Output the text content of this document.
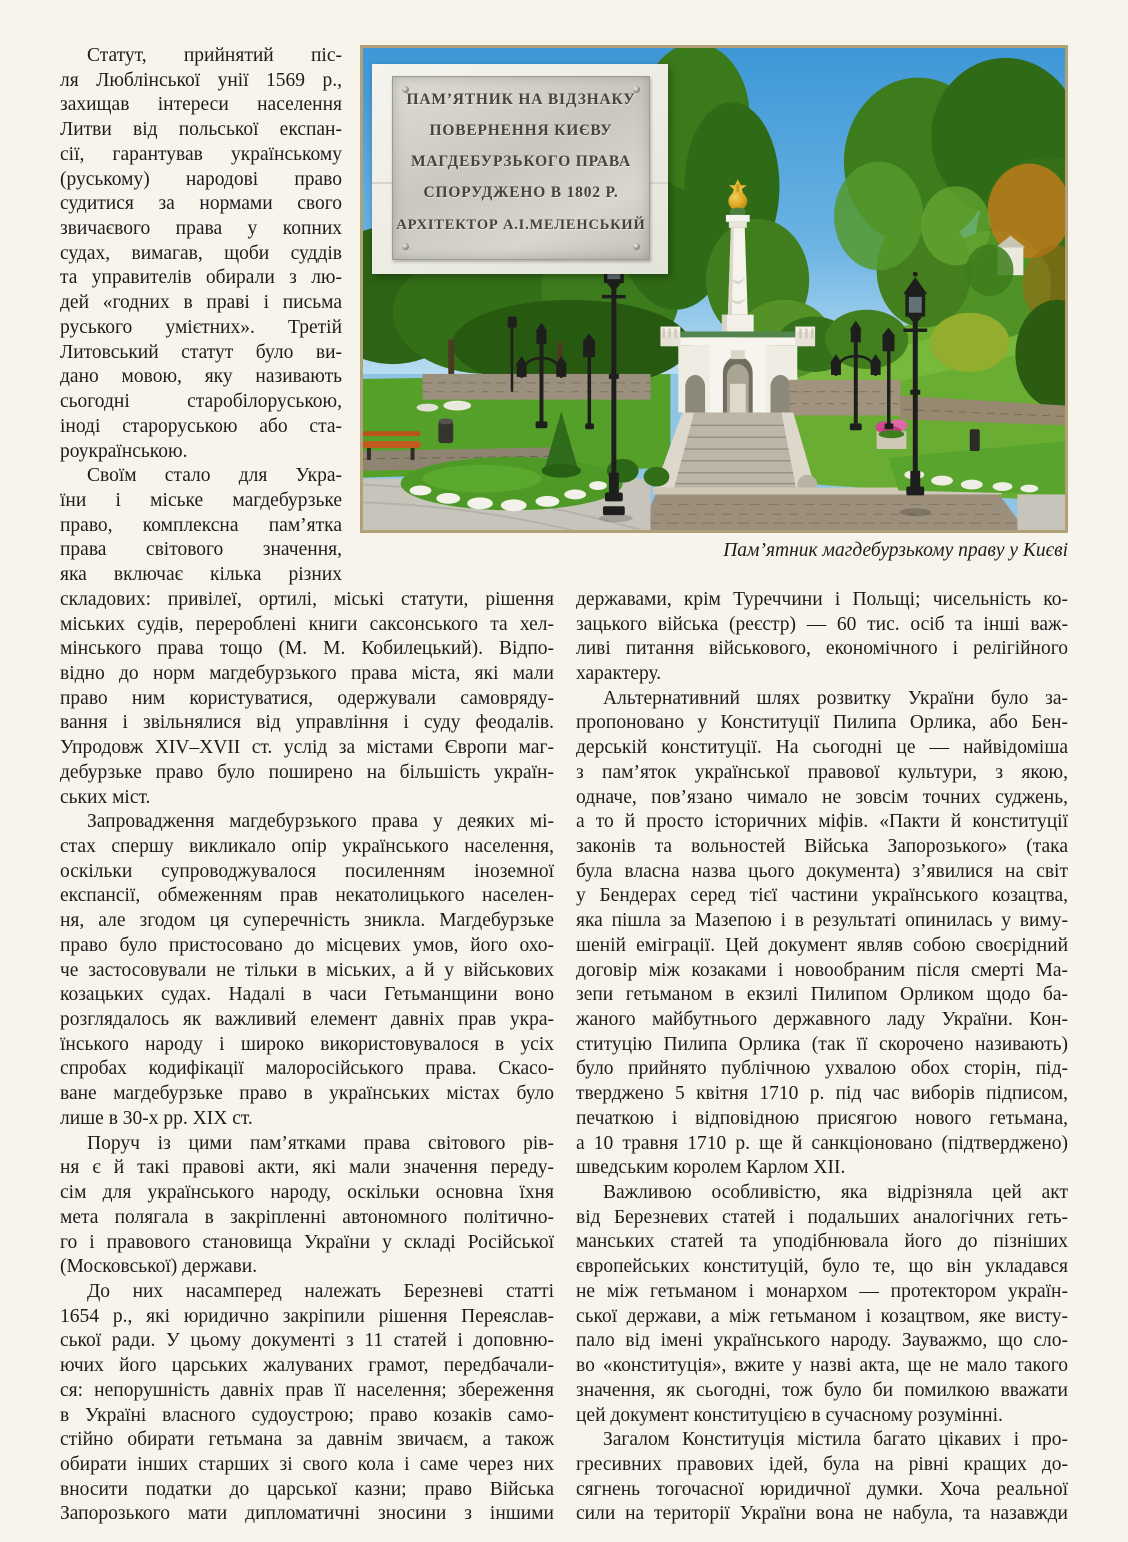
Статут, прийнятий піс-
ля Люблінської унії 1569 р.,
захищав інтереси населення
Литви від польської експан-
сії, гарантував українському
(руському) народові право
судитися за нормами свого
звичаєвого права у копних
судах, вимагав, щоби суддів
та управителів обирали з лю-
дей «годних в праві і письма
руського умієтних». Третій
Литовський статут було ви-
дано мовою, яку називають
сьогодні старобілоруською,
іноді староруською або ста-
роукраїнською.
Своїм стало для Укра-
їни і міське магдебурзьке
право, комплексна пам’ятка
права світового значення,
яка включає кілька різних
складових: привілеї, ортилі, міські статути, рішення
міських судів, перероблені книги саксонського та хел-
мінського права тощо (М. М. Кобилецький). Відпо-
відно до норм магдебурзького права міста, які мали
право ним користуватися, одержували самовряду-
вання і звільнялися від управління і суду феодалів.
Упродовж XIV–XVII ст. услід за містами Європи маг-
дебурзьке право було поширено на більшість україн-
ських міст.
Запровадження магдебурзького права у деяких мі-
стах спершу викликало опір українського населення,
оскільки супроводжувалося посиленням іноземної
експансії, обмеженням прав некатолицького населен-
ня, але згодом ця суперечність зникла. Магдебурзьке
право було пристосовано до місцевих умов, його охо-
че застосовували не тільки в міських, а й у військових
козацьких судах. Надалі в часи Гетьманщини воно
розглядалось як важливий елемент давніх прав укра-
їнського народу і широко використовувалося в усіх
спробах кодифікації малоросійського права. Скасо-
ване магдебурзьке право в українських містах було
лише в 30-х рр. XIX ст.
Поруч із цими пам’ятками права світового рів-
ня є й такі правові акти, які мали значення переду-
сім для українського народу, оскільки основна їхня
мета полягала в закріпленні автономного політично-
го і правового становища України у складі Російської
(Московської) держави.
До них насамперед належать Березневі статті
1654 р., які юридично закріпили рішення Переяслав-
ської ради. У цьому документі з 11 статей і доповню-
ючих його царських жалуваних грамот, передбачали-
ся: непорушність давніх прав її населення; збереження
в Україні власного судоустрою; право козаків само-
стійно обирати гетьмана за давнім звичаєм, а також
обирати інших старших зі свого кола і саме через них
вносити податки до царської казни; право Війська
Запорозького мати дипломатичні зносини з іншими
ПАМ’ЯТНИК НА ВІДЗНАКУ
ПОВЕРНЕННЯ КИЄВУ
МАГДЕБУРЗЬКОГО ПРАВА
СПОРУДЖЕНО В 1802 Р.
АРХІТЕКТОР А.І.МЕЛЕНСЬКИЙ
Пам’ятник магдебурзькому праву у Києві
державами, крім Туреччини і Польщі; чисельність ко-
зацького війська (реєстр) — 60 тис. осіб та інші важ-
ливі питання військового, економічного і релігійного
характеру.
Альтернативний шлях розвитку України було за-
пропоновано у Конституції Пилипа Орлика, або Бен-
дерській конституції. На сьогодні це — найвідоміша
з пам’яток української правової культури, з якою,
одначе, пов’язано чимало не зовсім точних суджень,
а то й просто історичних міфів. «Пакти й конституції
законів та вольностей Війська Запорозького» (така
була власна назва цього документа) з’явилися на світ
у Бендерах серед тієї частини українського козацтва,
яка пішла за Мазепою і в результаті опинилась у виму-
шеній еміграції. Цей документ являв собою своєрідний
договір між козаками і новообраним після смерті Ма-
зепи гетьманом в екзилі Пилипом Орликом щодо ба-
жаного майбутнього державного ладу України. Кон-
ституцію Пилипа Орлика (так її скорочено називають)
було прийнято публічною ухвалою обох сторін, під-
тверджено 5 квітня 1710 р. під час виборів підписом,
печаткою і відповідною присягою нового гетьмана,
а 10 травня 1710 р. ще й санкціоновано (підтверджено)
шведським королем Карлом XII.
Важливою особливістю, яка відрізняла цей акт
від Березневих статей і подальших аналогічних геть-
манських статей та уподібнювала його до пізніших
європейських конституцій, було те, що він укладався
не між гетьманом і монархом — протектором україн-
ської держави, а між гетьманом і козацтвом, яке висту-
пало від імені українського народу. Зауважмо, що сло-
во «конституція», вжите у назві акта, ще не мало такого
значення, як сьогодні, тож було би помилкою вважати
цей документ конституцією в сучасному розумінні.
Загалом Конституція містила багато цікавих і про-
гресивних правових ідей, була на рівні кращих до-
сягнень тогочасної юридичної думки. Хоча реальної
сили на території України вона не набула, та назавжди
